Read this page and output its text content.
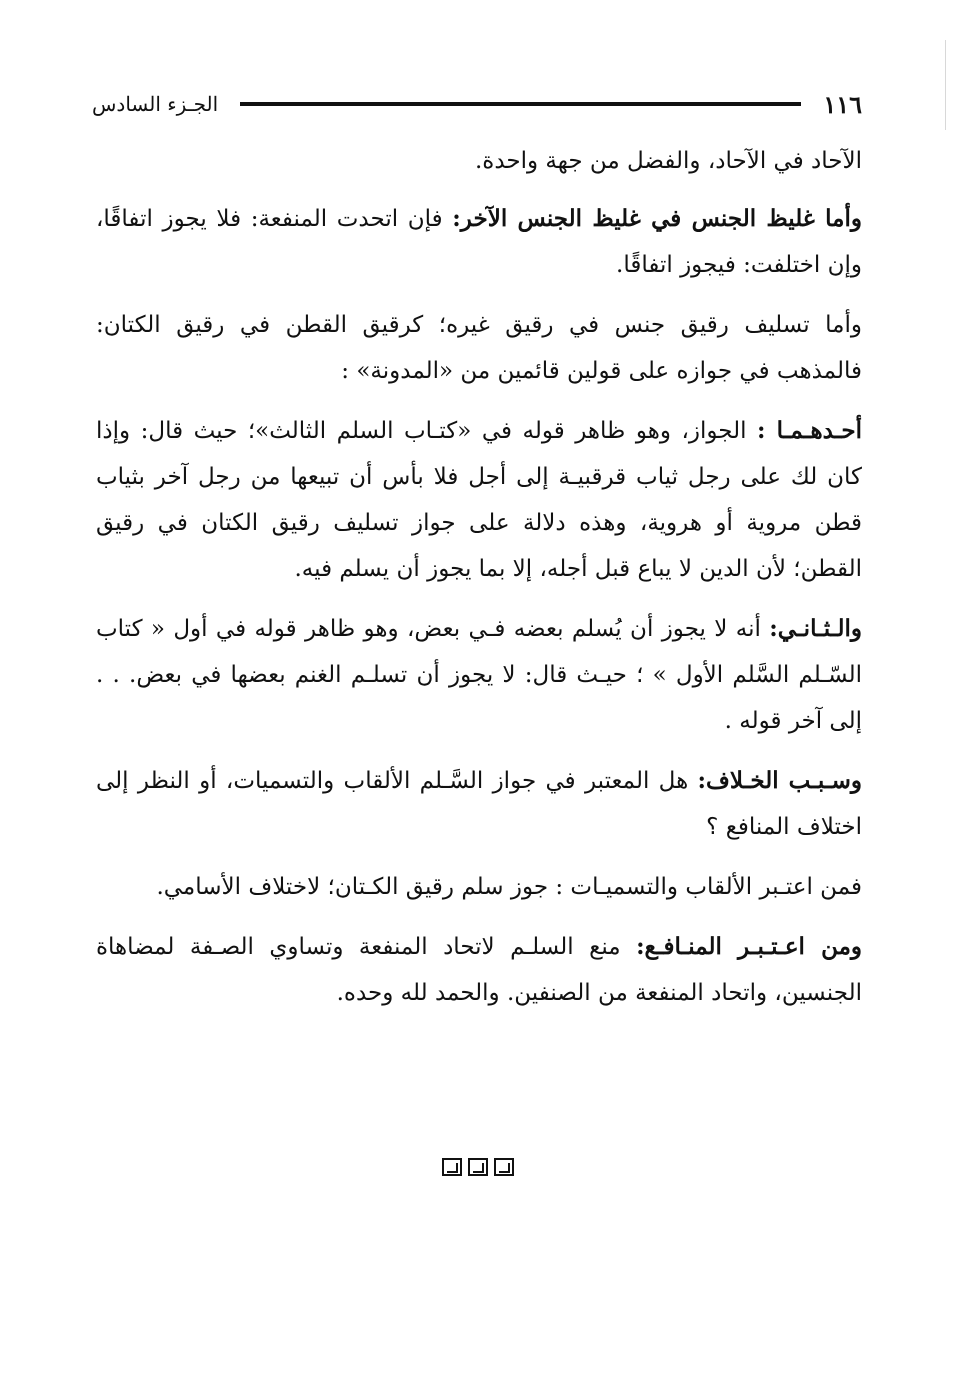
١١٦
الجـزء السادس

الآحاد في الآحاد، والفضل من جهة واحدة.

وأما غليظ الجنس في غليظ الجنس الآخر: فإن اتحدت المنفعة: فلا يجوز اتفاقًا، وإن اختلفت: فيجوز اتفاقًا.

وأما تسليف رقيق جنس في رقيق غيره؛ كرقيق القطن في رقيق الكتان: فالمذهب في جوازه على قولين قائمين من «المدونة» :

أحـدهـمـا : الجواز، وهو ظاهر قوله في «كتـاب السلم الثالث»؛ حيث قال: وإذا كان لك على رجل ثياب قرقبيـة إلى أجل فلا بأس أن تبيعها من رجل آخر بثياب قطن مروية أو هروية، وهذه دلالة على جواز تسليف رقيق الكتان في رقيق القطن؛ لأن الدين لا يباع قبل أجله، إلا بما يجوز أن يسلم فيه.

والـثـانـي: أنه لا يجوز أن يُسلم بعضه فـي بعض، وهو ظاهر قوله في أول « كتاب السّـلم السَّلم الأول » ؛ حيـث قال: لا يجوز أن تسلـم الغنم بعضها في بعض. . . إلى آخر قوله .

وسـبـب الخـلاف: هل المعتبر في جواز السَّـلم الألقاب والتسميات، أو النظر إلى اختلاف المنافع ؟

فمن اعتـبر الألقاب والتسميـات : جوز سلم رقيق الكـتان؛ لاختلاف الأسامي.

ومن اعـتـبـر المنـافـع: منع السلـم لاتحاد المنفعة وتساوي الصـفة لمضاهاة الجنسين، واتحاد المنفعة من الصنفين. والحمد لله وحده.
